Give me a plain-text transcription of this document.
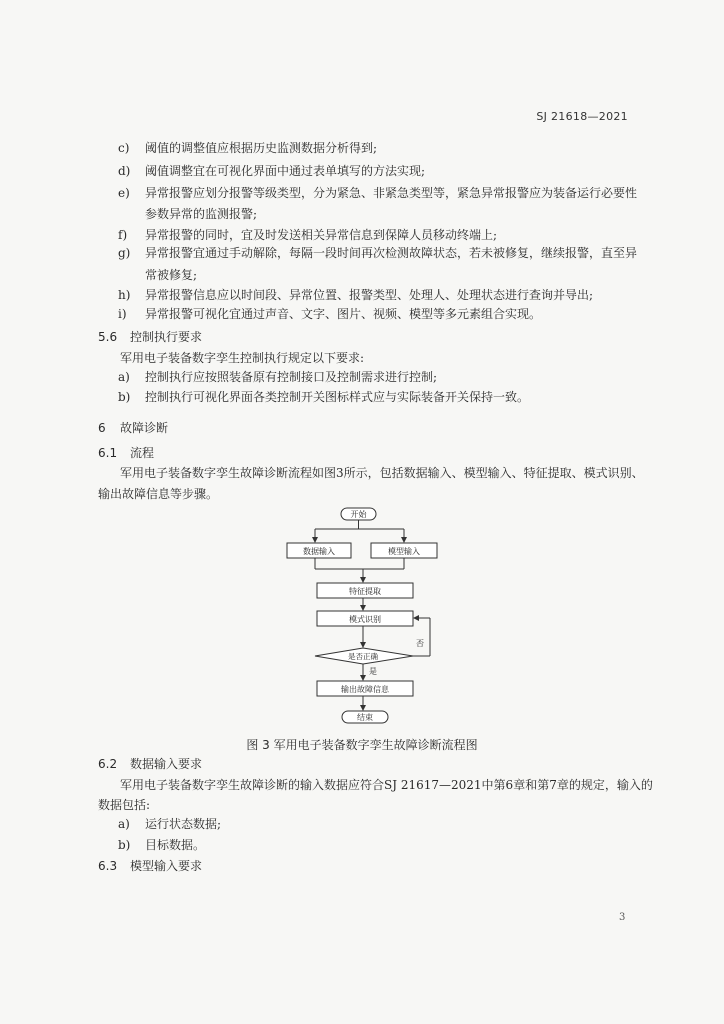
SJ 21618—2021
c)	阈值的调整值应根据历史监测数据分析得到;
d)	阈值调整宜在可视化界面中通过表单填写的方法实现;
e)	异常报警应划分报警等级类型，分为紧急、非紧急类型等，紧急异常报警应为装备运行必要性
参数异常的监测报警;
f)	异常报警的同时，宜及时发送相关异常信息到保障人员移动终端上;
g)	异常报警宜通过手动解除，每隔一段时间再次检测故障状态，若未被修复，继续报警，直至异
常被修复;
h)	异常报警信息应以时间段、异常位置、报警类型、处理人、处理状态进行查询并导出;
i)	异常报警可视化宜通过声音、文字、图片、视频、模型等多元素组合实现。
5.6 控制执行要求
军用电子装备数字孪生控制执行规定以下要求:
a)	控制执行应按照装备原有控制接口及控制需求进行控制;
b)	控制执行可视化界面各类控制开关图标样式应与实际装备开关保持一致。
6 故障诊断
6.1 流程
军用电子装备数字孪生故障诊断流程如图3所示，包括数据输入、模型输入、特征提取、模式识别、
输出故障信息等步骤。
开始
数据输入	模型输入
特征提取
模式识别
是否正确
否
是
输出故障信息
结束
图 3 军用电子装备数字孪生故障诊断流程图
6.2 数据输入要求
军用电子装备数字孪生故障诊断的输入数据应符合SJ 21617—2021中第6章和第7章的规定，输入的
数据包括:
a)	运行状态数据;
b)	目标数据。
6.3 模型输入要求
3
